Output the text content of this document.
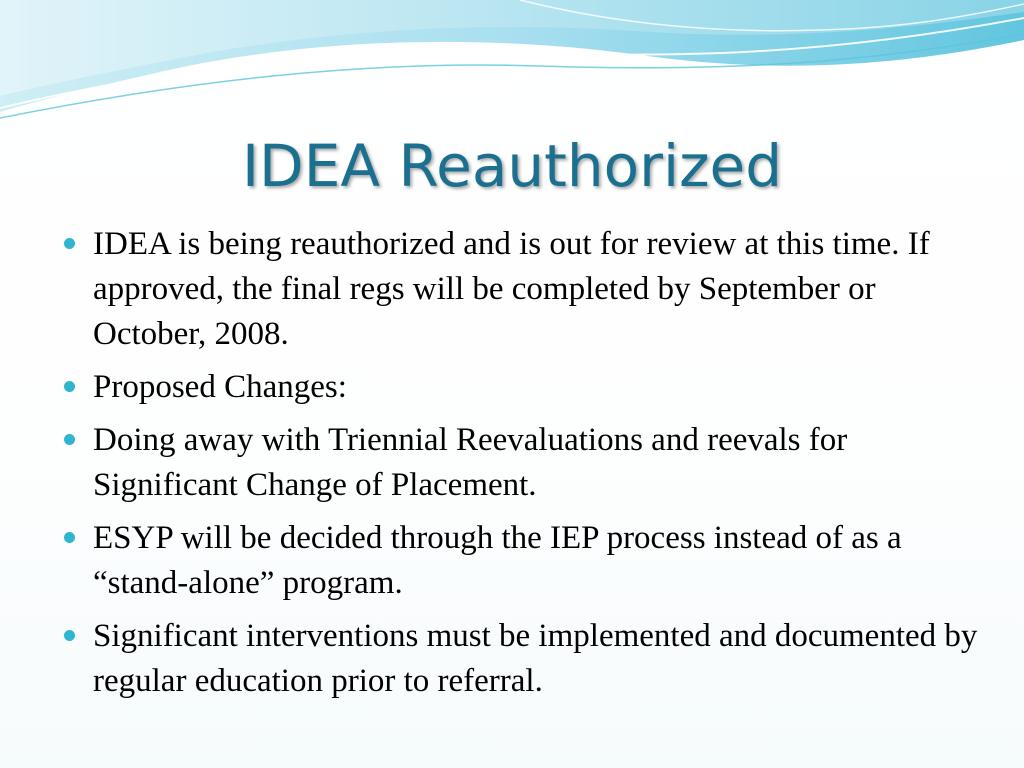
IDEA Reauthorized
IDEA is being reauthorized and is out for review at this time. If approved, the final regs will be completed by September or October, 2008.
Proposed Changes:
Doing away with Triennial Reevaluations and reevals for Significant Change of Placement.
ESYP will be decided through the IEP process instead of as a “stand-alone” program.
Significant interventions must be implemented and documented by regular education prior to referral.
